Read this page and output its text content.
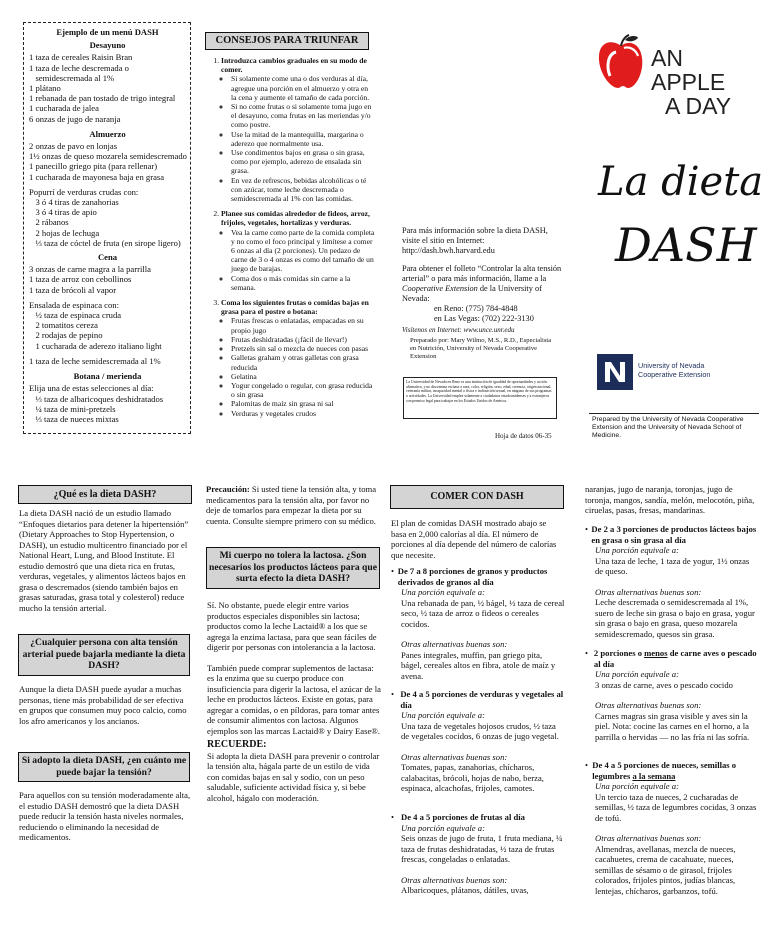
Ejemplo de un menú DASH
Desayuno
1 taza de cereales Raisin Bran
1 taza de leche descremada o
semidescremada al 1%
1 plátano
1 rebanada de pan tostado de trigo integral
1 cucharada de jalea
6 onzas de jugo de naranja
Almuerzo
2 onzas de pavo en lonjas
1½ onzas de queso mozarela semidescremado
1 panecillo griego pita (para rellenar)
1 cucharada de mayonesa baja en grasa
Popurrí de verduras crudas con:
3 ó 4 tiras de zanahorias
3 ó 4 tiras de apio
2 rábanos
2 hojas de lechuga
⅓ taza de cóctel de fruta (en sirope ligero)
Cena
3 onzas de carne magra a la parrilla
1 taza de arroz con cebollinos
1 taza de brócoli al vapor
Ensalada de espinaca con:
½ taza de espinaca cruda
2 tomatitos cereza
2 rodajas de pepino
1 cucharada de aderezo italiano light
1 taza de leche semidescremada al 1%
Botana / merienda
Elija una de estas selecciones al día:
⅓ taza de albaricoques deshidratados
¼ taza de mini-pretzels
⅓ taza de nueces mixtas
CONSEJOS PARA TRIUNFAR
1. Introduzca cambios graduales en su modo de comer.
◦ Si solamente come una o dos verduras al día, agregue una porción en el almuerzo y otra en la cena y aumente el tamaño de cada porción.
◦ Si no come frutas o si solamente toma jugo en el desayuno, coma frutas en las meriendas y/o como postre.
◦ Use la mitad de la mantequilla, margarina o aderezo que normalmente usa.
◦ Use condimentos bajos en grasa o sin grasa, como por ejemplo, aderezo de ensalada sin grasa.
◦ En vez de refrescos, bebidas alcohólicas o té con azúcar, tome leche descremada o semidescremada al 1% con las comidas.
2. Planee sus comidas alrededor de fideos, arroz, frijoles, vegetales, hortalizas y verduras.
◦ Vea la carne como parte de la comida completa y no como el foco principal y limítese a comer 6 onzas al día (2 porciones). Un pedazo de carne de 3 o 4 onzas es como del tamaño de un juego de barajas.
◦ Coma dos o más comidas sin carne a la semana.
3. Coma los siguientes frutas o comidas bajas en grasa para el postre o botana:
◦ Frutas frescas o enlatadas, empacadas en su propio jugo
◦ Frutas deshidratadas (¡fácil de llevar!)
◦ Pretzels sin sal o mezcla de nueces con pasas
◦ Galletas graham y otras galletas con grasa reducida
◦ Gelatina
◦ Yogur congelado o regular, con grasa reducida o sin grasa
◦ Palomitas de maíz sin grasa ni sal
◦ Verduras y vegetales crudos

Para más información sobre la dieta DASH, visite el sitio en Internet: http://dash.bwh.harvard.edu

Para obtener el folleto “Controlar la alta tensión arterial” o para más información, llame a la Cooperative Extension de la University of Nevada:

en Reno: (775) 784-4848

en Las Vegas: (702) 222-3130

Visítenos en Internet: www.unce.unr.edu

Preparado por: Mary Wilmo, M.S., R.D., Especialista en Nutrición, University of Nevada Cooperative Extension
La Universidad de Nevada en Reno es una institución de igualdad de oportunidades y acción afirmativa, y no discrimina en base a raza, color, religión, sexo, edad, creencia, origen nacional, veteranía militar, incapacidad mental o física e inclinación sexual, en ninguno de sus programas o actividades. La Universidad emplea solamente a ciudadanos estadounidenses y a extranjeros con permiso legal para trabajar en los Estados Unidos de América.
Hoja de datos 06-35
AN APPLE
A DAY
La dieta
DASH
University of Nevada
Cooperative Extension
Prepared by the University of Nevada Cooperative Extension and the University of Nevada School of Medicine.
¿Qué es la dieta DASH?
La dieta DASH nació de un estudio llamado “Enfoques dietarios para detener la hipertensión” (Dietary Approaches to Stop Hypertension, o DASH), un estudio multicentro financiado por el National Heart, Lung, and Blood Institute. El estudio demostró que una dieta rica en frutas, verduras, vegetales, y alimentos lácteos bajos en grasa o descremados (siendo también bajos en grasas saturadas, grasa total y colesterol) reduce mucho la tensión arterial.
¿Cualquier persona con alta tensión arterial puede bajarla mediante la dieta DASH?
Aunque la dieta DASH puede ayudar a muchas personas, tiene más probabilidad de ser efectiva en grupos que consumen muy poco calcio, como los afro americanos y los ancianos.
Si adopto la dieta DASH, ¿en cuánto me puede bajar la tensión?
Para aquellos con su tensión moderadamente alta, el estudio DASH demostró que la dieta DASH puede reducir la tensión hasta niveles normales, reduciendo o eliminando la necesidad de medicamentos.
Precaución: Si usted tiene la tensión alta, y toma medicamentos para la tensión alta, por favor no deje de tomarlos para empezar la dieta por su cuenta. Consulte siempre primero con su médico.
Mi cuerpo no tolera la lactosa. ¿Son necesarios los productos lácteos para que surta efecto la dieta DASH?

Sí. No obstante, puede elegir entre varios productos especiales disponibles sin lactosa; productos como la leche Lactaid® a los que se agrega la enzima lactasa, para que sean fáciles de digerir por personas con intolerancia a la lactosa.

También puede comprar suplementos de lactasa: es la enzima que su cuerpo produce con insuficiencia para digerir la lactosa, el azúcar de la leche en productos lácteos. Existe en gotas, para agregar a comidas, o en píldoras, para tomar antes de consumir alimentos con lactosa. Algunos ejemplos son las marcas Lactaid® y Dairy Ease®.

RECUERDE:

Si adopta la dieta DASH para prevenir o controlar la tensión alta, hágala parte de un estilo de vida con comidas bajas en sal y sodio, con un peso saludable, suficiente actividad física y, si bebe alcohol, hágalo con moderación.

COMER CON DASH
El plan de comidas DASH mostrado abajo se basa en 2,000 calorías al día. El número de porciones al día depende del número de calorías que necesite.
• De 7 a 8 porciones de granos y productos derivados de granos al día

Una porción equivale a:

Una rebanada de pan, ½ bágel, ½ taza de cereal seco, ½ taza de arroz o fideos o cereales cocidos.

Otras alternativas buenas son:

Panes integrales, muffin, pan griego pita, bágel, cereales altos en fibra, atole de maíz y avena.

• De 4 a 5 porciones de verduras y vegetales al día

Una porción equivale a:

Una taza de vegetales hojosos crudos, ½ taza de vegetales cocidos, 6 onzas de jugo vegetal.

Otras alternativas buenas son:

Tomates, papas, zanahorias, chícharos, calabacitas, brócoli, hojas de nabo, berza, espinaca, alcachofas, frijoles, camotes.

• De 4 a 5 porciones de frutas al día

Una porción equivale a:

Seis onzas de jugo de fruta, 1 fruta mediana, ¼ taza de frutas deshidratadas, ½ taza de frutas frescas, congeladas o enlatadas.

Otras alternativas buenas son:

Albaricoques, plátanos, dátiles, uvas,

naranjas, jugo de naranja, toronjas, jugo de toronja, mangos, sandía, melón, melocotón, piña, ciruelas, pasas, fresas, mandarinas.
• De 2 a 3 porciones de productos lácteos bajos en grasa o sin grasa al día

Una porción equivale a:

Una taza de leche, 1 taza de yogur, 1½ onzas de queso.

Otras alternativas buenas son:

Leche descremada o semidescremada al 1%, suero de leche sin grasa o bajo en grasa, yogur sin grasa o bajo en grasa, queso mozarela semidescremado, quesos sin grasa.

• 2 porciones o menos de carne aves o pescado al día

Una porción equivale a:

3 onzas de carne, aves o pescado cocido

Otras alternativas buenas son:

Carnes magras sin grasa visible y aves sin la piel. Nota: cocine las carnes en el horno, a la parrilla o hervidas — no las fría ni las sofría.

• De 4 a 5 porciones de nueces, semillas o legumbres a la semana

Una porción equivale a:

Un tercio taza de nueces, 2 cucharadas de semillas, ½ taza de legumbres cocidas, 3 onzas de tofú.

Otras alternativas buenas son:

Almendras, avellanas, mezcla de nueces, cacahuetes, crema de cacahuate, nueces, semillas de sésamo o de girasol, frijoles colorados, frijoles pintos, judías blancas, lentejas, chícharos, garbanzos, tofú.
